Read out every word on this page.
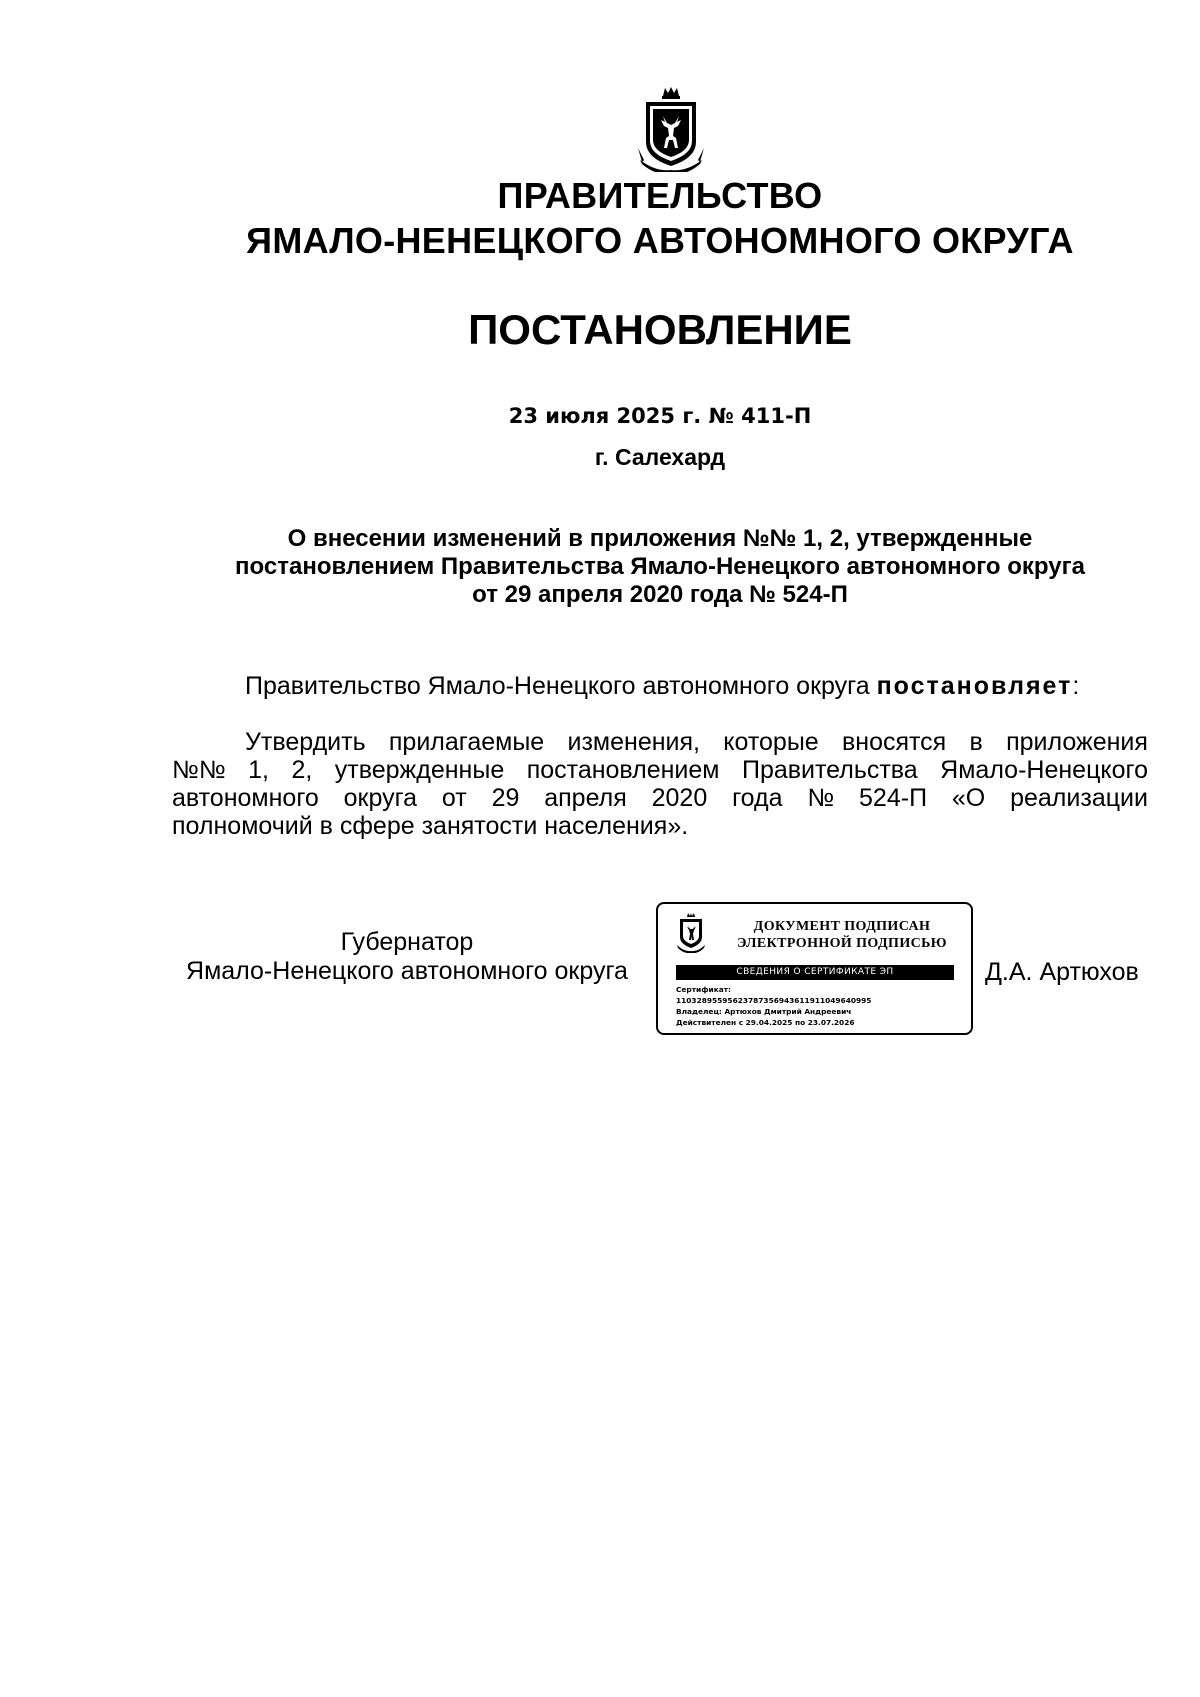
ПРАВИТЕЛЬСТВО
ЯМАЛО-НЕНЕЦКОГО АВТОНОМНОГО ОКРУГА
ПОСТАНОВЛЕНИЕ
23 июля 2025 г. № 411-П
г. Салехард
О внесении изменений в приложения №№ 1, 2, утвержденные
постановлением Правительства Ямало-Ненецкого автономного округа
от 29 апреля 2020 года № 524-П
Правительство Ямало-Ненецкого автономного округа постановляет:
Утвердить прилагаемые изменения, которые вносятся в приложения
№№ 1, 2, утвержденные постановлением Правительства Ямало-Ненецкого
автономного округа от 29 апреля 2020 года № 524-П «О реализации
полномочий в сфере занятости населения».
Губернатор
Ямало-Ненецкого автономного округа
ДОКУМЕНТ ПОДПИСАН
ЭЛЕКТРОННОЙ ПОДПИСЬЮ
СВЕДЕНИЯ О СЕРТИФИКАТЕ ЭП
Сертификат:
11032895595623787356943611911049640995
Владелец: Артюхов Дмитрий Андреевич
Действителен с 29.04.2025 по 23.07.2026
Д.А. Артюхов
